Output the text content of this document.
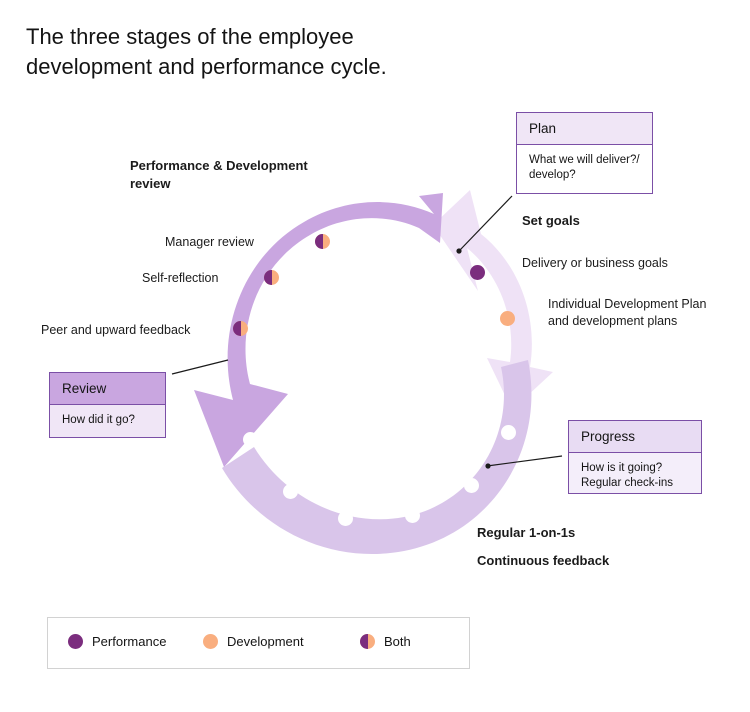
The three stages of the employee
development and performance cycle.
Plan
What we will deliver?/ develop?
Review
How did it go?
Progress
How is it going? Regular check-ins
Performance & Development review
Manager review
Self-reflection
Peer and upward feedback
Set goals
Delivery or business goals
Individual Development Plan and development plans
Regular 1-on-1s
Continuous feedback
Performance	Development	Both
